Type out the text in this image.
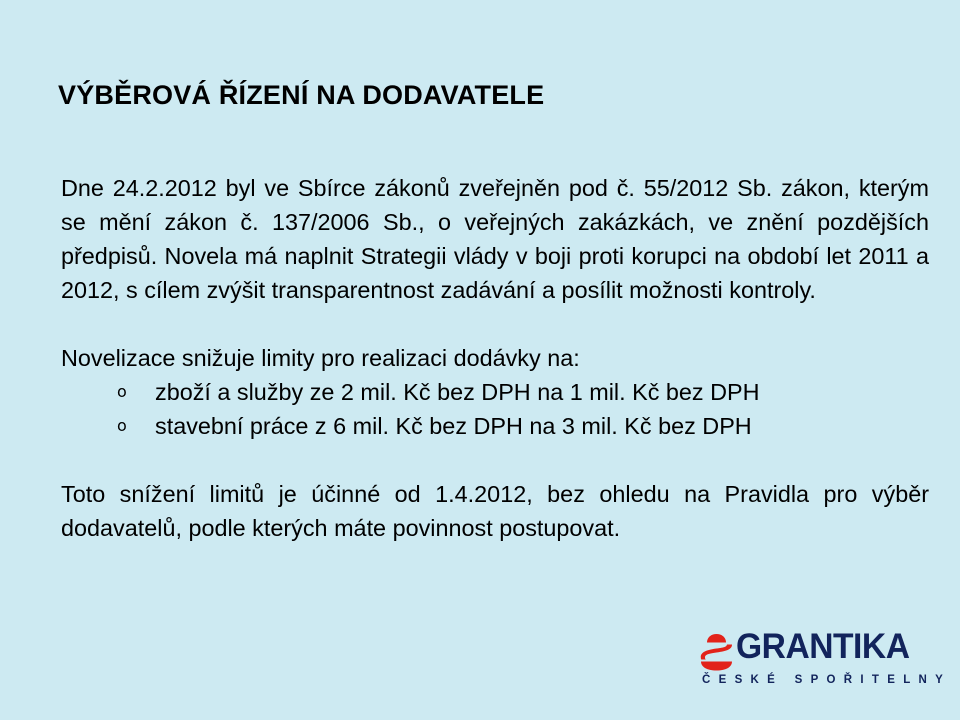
VÝBĚROVÁ ŘÍZENÍ NA DODAVATELE

Dne 24.2.2012 byl ve Sbírce zákonů zveřejněn pod č. 55/2012 Sb. zákon, kterým se mění zákon č. 137/2006 Sb., o veřejných zakázkách, ve znění pozdějších předpisů. Novela má naplnit Strategii vlády v boji proti korupci na období let 2011 a 2012, s cílem zvýšit transparentnost zadávání a posílit možnosti kontroly.

Novelizace snižuje limity pro realizaci dodávky na:

o zboží a služby ze 2 mil. Kč bez DPH na 1 mil. Kč bez DPH
o stavební práce z 6 mil. Kč bez DPH na 3 mil. Kč bez DPH

Toto snížení limitů je účinné od 1.4.2012, bez ohledu na Pravidla pro výběr dodavatelů, podle kterých máte povinnost postupovat.

GRANTIKA
ČESKÉ SPOŘITELNY
